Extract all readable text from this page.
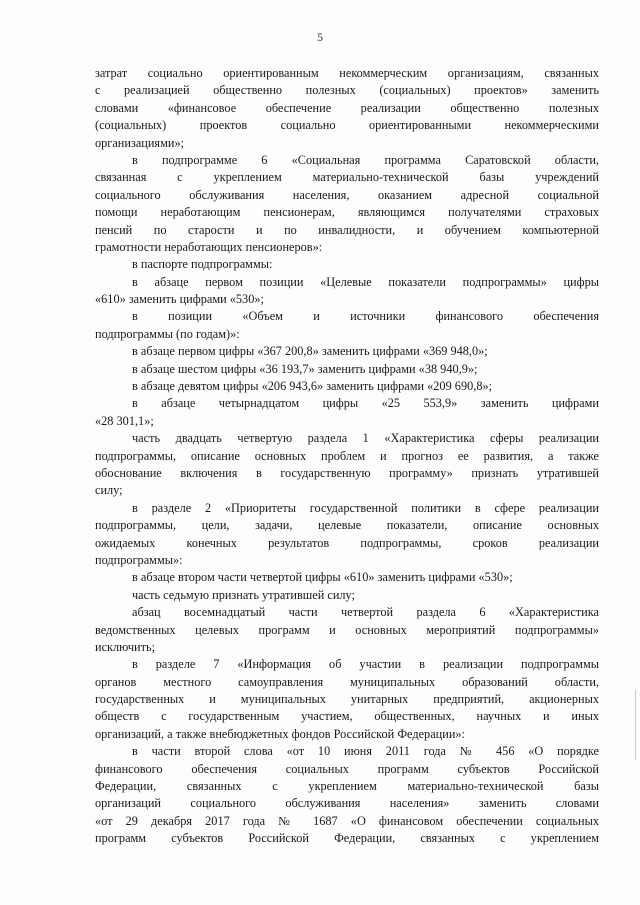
5
затрат социально ориентированным некоммерческим организациям, связанных
с реализацией общественно полезных (социальных) проектов» заменить
словами «финансовое обеспечение реализации общественно полезных
(социальных) проектов социально ориентированными некоммерческими
организациями»;
в подпрограмме 6 «Социальная программа Саратовской области,
связанная с укреплением материально-технической базы учреждений
социального обслуживания населения, оказанием адресной социальной
помощи неработающим пенсионерам, являющимся получателями страховых
пенсий по старости и по инвалидности, и обучением компьютерной
грамотности неработающих пенсионеров»:
в паспорте подпрограммы:
в абзаце первом позиции «Целевые показатели подпрограммы» цифры
«610» заменить цифрами «530»;
в позиции «Объем и источники финансового обеспечения
подпрограммы (по годам)»:
в абзаце первом цифры «367 200,8» заменить цифрами «369 948,0»;
в абзаце шестом цифры «36 193,7» заменить цифрами «38 940,9»;
в абзаце девятом цифры «206 943,6» заменить цифрами «209 690,8»;
в абзаце четырнадцатом цифры «25 553,9» заменить цифрами
«28 301,1»;
часть двадцать четвертую раздела 1 «Характеристика сферы реализации
подпрограммы, описание основных проблем и прогноз ее развития, а также
обоснование включения в государственную программу» признать утратившей
силу;
в разделе 2 «Приоритеты государственной политики в сфере реализации
подпрограммы, цели, задачи, целевые показатели, описание основных
ожидаемых конечных результатов подпрограммы, сроков реализации
подпрограммы»:
в абзаце втором части четвертой цифры «610» заменить цифрами «530»;
часть седьмую признать утратившей силу;
абзац восемнадцатый части четвертой раздела 6 «Характеристика
ведомственных целевых программ и основных мероприятий подпрограммы»
исключить;
в разделе 7 «Информация об участии в реализации подпрограммы
органов местного самоуправления муниципальных образований области,
государственных и муниципальных унитарных предприятий, акционерных
обществ с государственным участием, общественных, научных и иных
организаций, а также внебюджетных фондов Российской Федерации»:
в части второй слова «от 10 июня 2011 года № 456 «О порядке
финансового обеспечения социальных программ субъектов Российской
Федерации, связанных с укреплением материально-технической базы
организаций социального обслуживания населения» заменить словами
«от 29 декабря 2017 года № 1687 «О финансовом обеспечении социальных
программ субъектов Российской Федерации, связанных с укреплением
